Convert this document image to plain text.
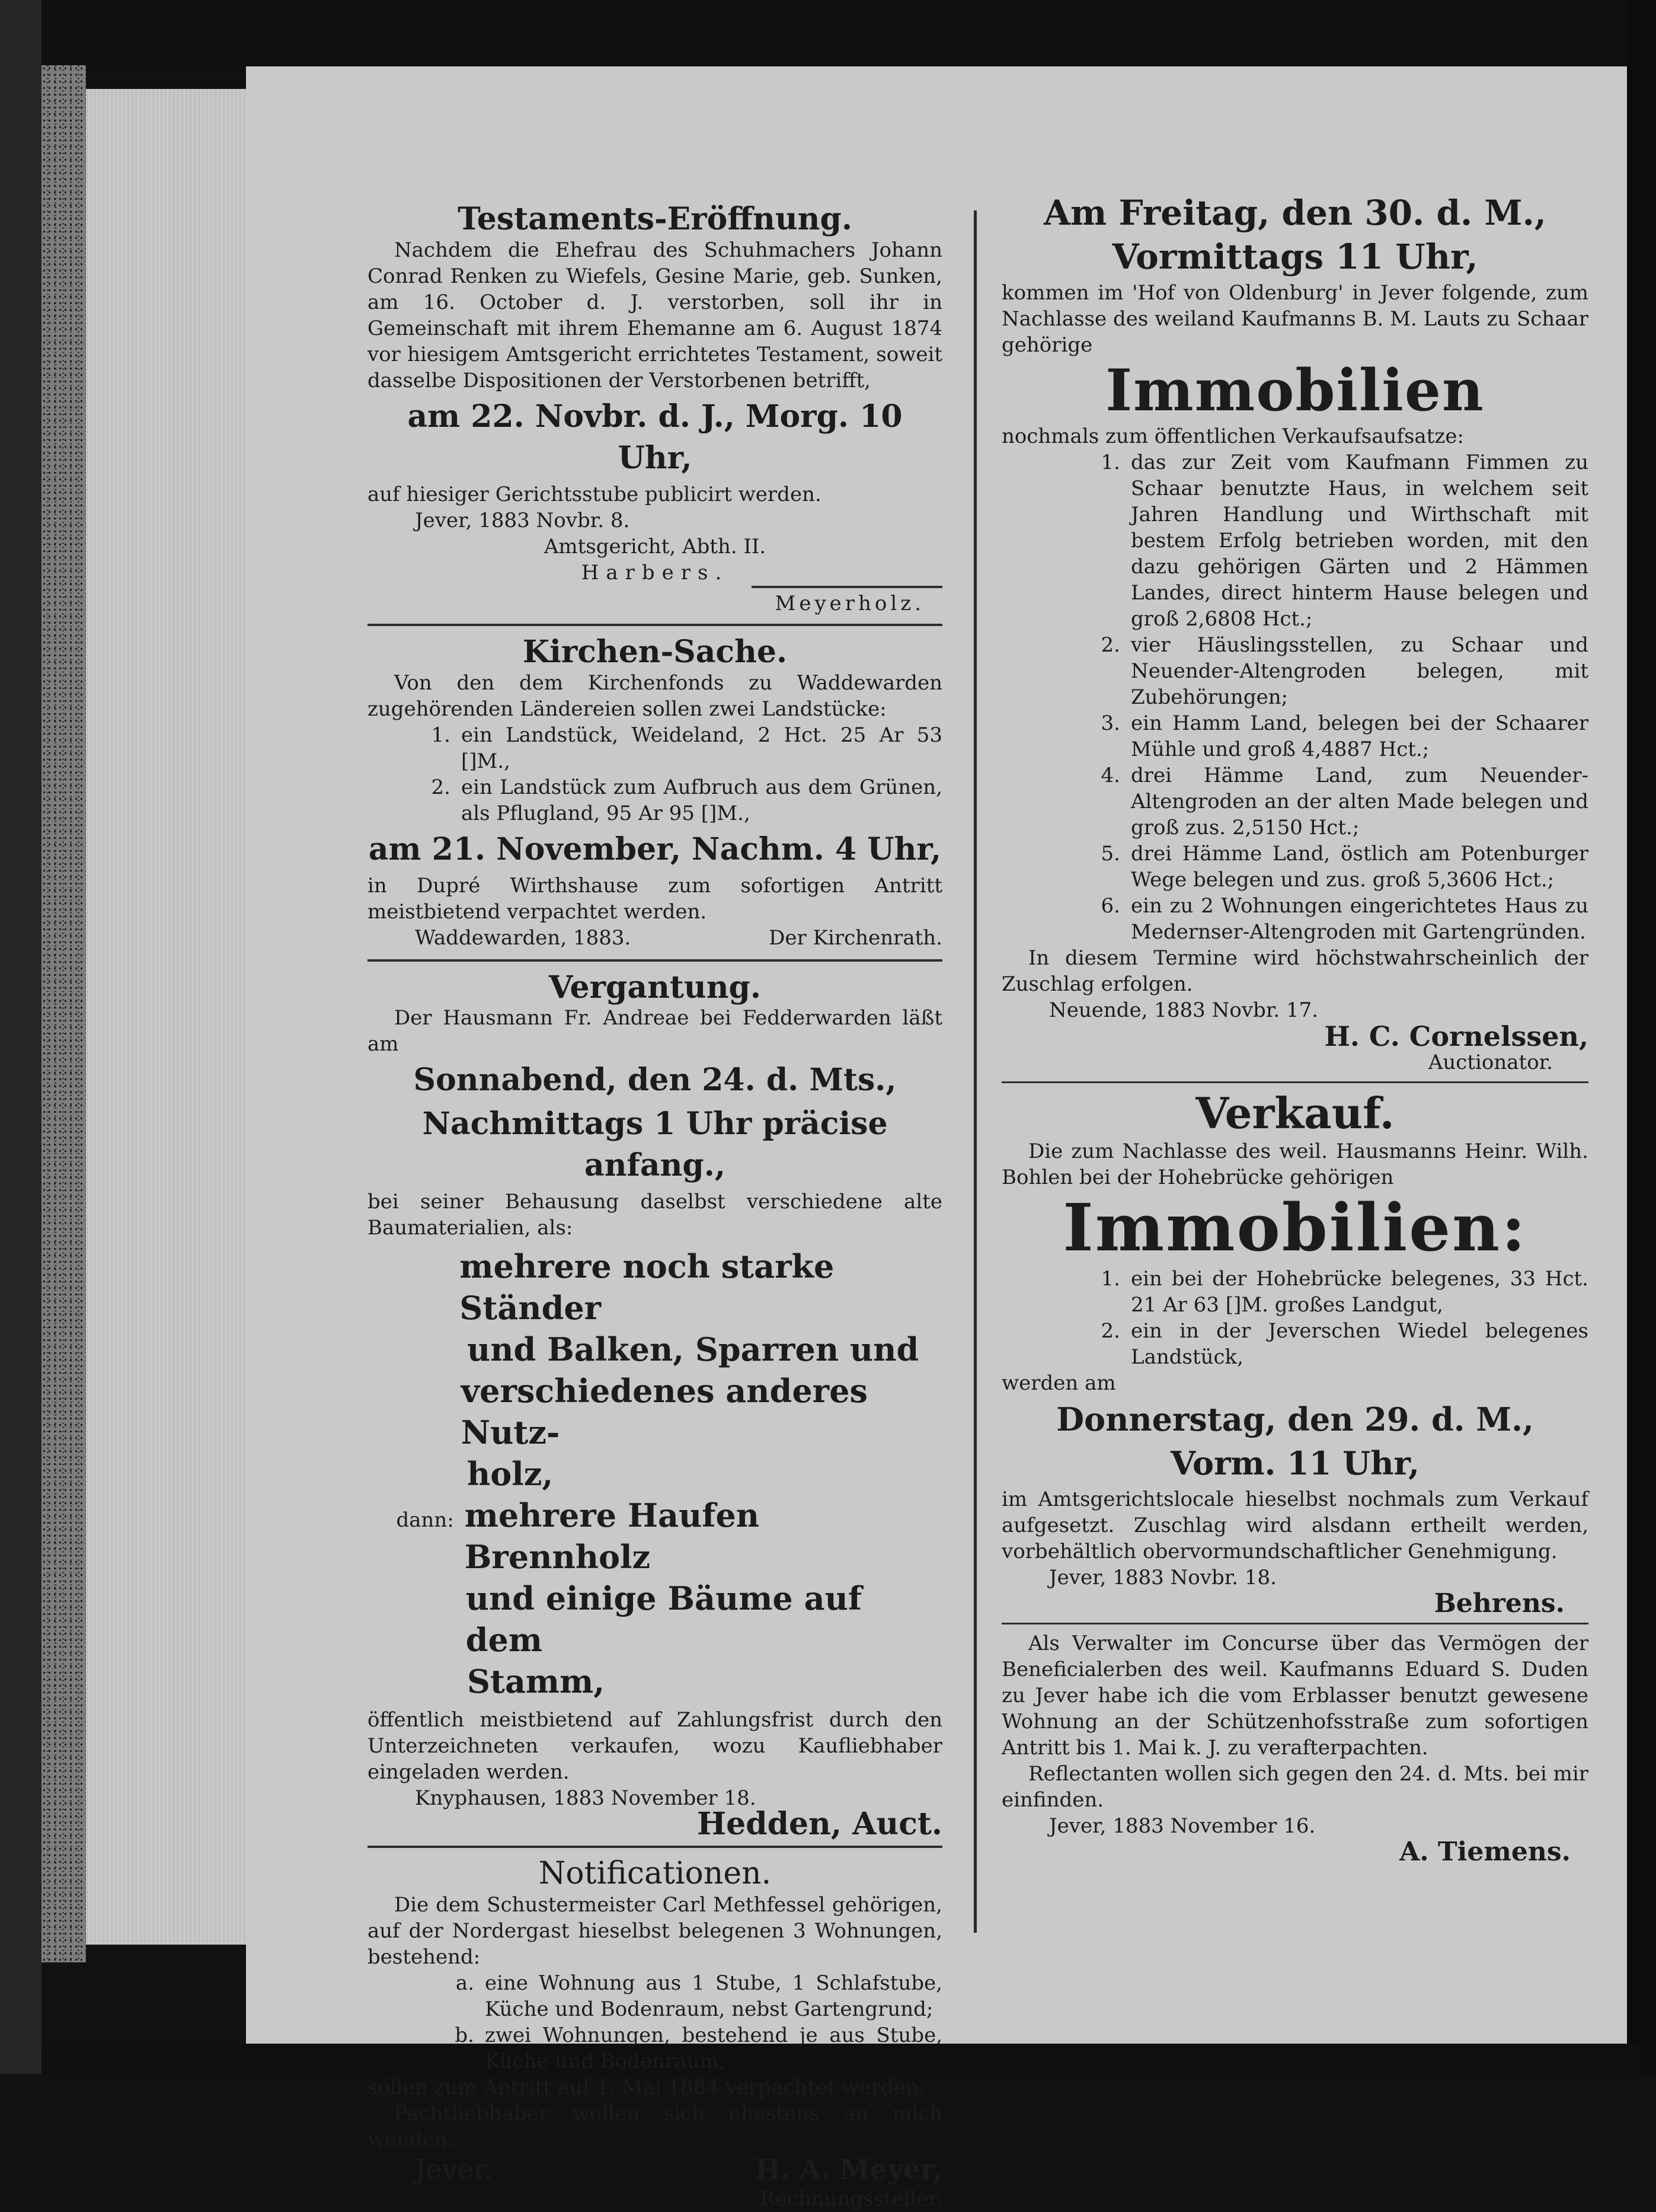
Testaments-Eröffnung.

Nachdem die Ehefrau des Schuhmachers Johann Conrad Renken zu Wiefels, Gesine Marie, geb. Sunken, am 16. October d. J. verstorben, soll ihr in Gemeinschaft mit ihrem Ehemanne am 6. August 1874 vor hiesigem Amtsgericht errichtetes Testament, soweit dasselbe Dispositionen der Verstorbenen betrifft,

am 22. Novbr. d. J., Morg. 10 Uhr,

auf hiesiger Gerichtsstube publicirt werden.

Jever, 1883 Novbr. 8.

Amtsgericht, Abth. II.

Harbers.

Meyerholz.

Kirchen-Sache.

Von den dem Kirchenfonds zu Waddewarden zugehörenden Ländereien sollen zwei Landstücke:

1. ein Landstück, Weideland, 2 Hct. 25 Ar 53 []M.,
2. ein Landstück zum Aufbruch aus dem Grünen, als Pflugland, 95 Ar 95 []M.,

am 21. November, Nachm. 4 Uhr,

in Dupré Wirthshause zum sofortigen Antritt meistbietend verpachtet werden.

Waddewarden, 1883.	Der Kirchenrath.

Vergantung.

Der Hausmann Fr. Andreae bei Fedderwarden läßt am

Sonnabend, den 24. d. Mts.,

Nachmittags 1 Uhr präcise anfang.,

bei seiner Behausung daselbst verschiedene alte Baumaterialien, als:

mehrere noch starke Ständer
und Balken, Sparren und
verschiedenes anderes Nutz-
holz,
dann: mehrere Haufen Brennholz
und einige Bäume auf dem
Stamm,

öffentlich meistbietend auf Zahlungsfrist durch den Unterzeichneten verkaufen, wozu Kaufliebhaber eingeladen werden.

Knyphausen, 1883 November 18.

Hedden, Auct.

Notificationen.

Die dem Schustermeister Carl Methfessel gehörigen, auf der Nordergast hieselbst belegenen 3 Wohnungen, bestehend:

a. eine Wohnung aus 1 Stube, 1 Schlafstube, Küche und Bodenraum, nebst Gartengrund;
b. zwei Wohnungen, bestehend je aus Stube, Küche und Bodenraum,

sollen zum Antritt auf 1. Mai 1884 verpachtet werden.

Pachtliebhaber wollen sich ehestens an mich wenden.

Jever.	H. A. Meyer,

Rechnungssteller.

Am Freitag, den 30. d. M.,

Vormittags 11 Uhr,

kommen im 'Hof von Oldenburg' in Jever folgende, zum Nachlasse des weiland Kaufmanns B. M. Lauts zu Schaar gehörige

Immobilien

nochmals zum öffentlichen Verkaufsaufsatze:

1. das zur Zeit vom Kaufmann Fimmen zu Schaar benutzte Haus, in welchem seit Jahren Handlung und Wirthschaft mit bestem Erfolg betrieben worden, mit den dazu gehörigen Gärten und 2 Hämmen Landes, direct hinterm Hause belegen und groß 2,6808 Hct.;
2. vier Häuslingsstellen, zu Schaar und Neuender-Altengroden belegen, mit Zubehörungen;
3. ein Hamm Land, belegen bei der Schaarer Mühle und groß 4,4887 Hct.;
4. drei Hämme Land, zum Neuender-Altengroden an der alten Made belegen und groß zus. 2,5150 Hct.;
5. drei Hämme Land, östlich am Potenburger Wege belegen und zus. groß 5,3606 Hct.;
6. ein zu 2 Wohnungen eingerichtetes Haus zu Medernser-Altengroden mit Gartengründen.

In diesem Termine wird höchstwahrscheinlich der Zuschlag erfolgen.

Neuende, 1883 Novbr. 17.

H. C. Cornelssen,

Auctionator.

Verkauf.

Die zum Nachlasse des weil. Hausmanns Heinr. Wilh. Bohlen bei der Hohebrücke gehörigen

Immobilien:

1. ein bei der Hohebrücke belegenes, 33 Hct. 21 Ar 63 []M. großes Landgut,
2. ein in der Jeverschen Wiedel belegenes Landstück,

werden am

Donnerstag, den 29. d. M.,

Vorm. 11 Uhr,

im Amtsgerichtslocale hieselbst nochmals zum Verkauf aufgesetzt. Zuschlag wird alsdann ertheilt werden, vorbehältlich obervormundschaftlicher Genehmigung.

Jever, 1883 Novbr. 18.

Behrens.

Als Verwalter im Concurse über das Vermögen der Beneficialerben des weil. Kaufmanns Eduard S. Duden zu Jever habe ich die vom Erblasser benutzt gewesene Wohnung an der Schützenhofsstraße zum sofortigen Antritt bis 1. Mai k. J. zu verafterpachten.

Reflectanten wollen sich gegen den 24. d. Mts. bei mir einfinden.

Jever, 1883 November 16.

A. Tiemens.
